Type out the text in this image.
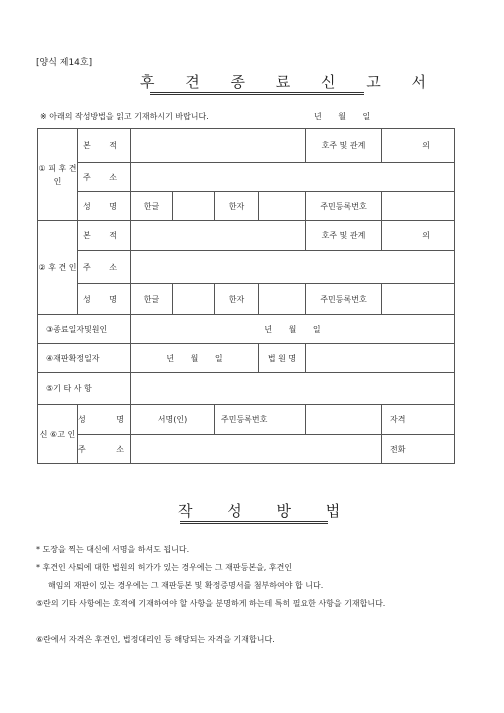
[양식 제14호]
후 견 종 료 신 고 서
※ 아래의 작성방법을 읽고 기재하시기 바랍니다.	년 월 일
① 피 후 견 인	본 적					호주 및 관계	의
	주 소						
	성 명	한글		한자		주민등록번호	
② 후 견 인	본 적					호주 및 관계	의
	주 소						
	성 명	한글		한자		주민등록번호	
③종료일자및원인		년 월 일					
④재판확정일자		년 월 일			법 원 명		
⑤기 타 사 항							
신 ⑥고 인	성 명	서명(인)		주민등록번호			자격
	주 소						전화
작 성 방 법
* 도장을 찍는 대신에 서명을 하셔도 됩니다.
* 후견인 사퇴에 대한 법원의 허가가 있는 경우에는 그 재판등본을, 후견인
해임의 재판이 있는 경우에는 그 재판등본 및 확정증명서를 첨부하여야 합 니다.
⑤란의 기타 사항에는 호적에 기재하여야 할 사항을 분명하게 하는데 특히 필요한 사항을 기재합니다.
⑥란에서 자격은 후견인, 법정대리인 등 해당되는 자격을 기재합니다.
